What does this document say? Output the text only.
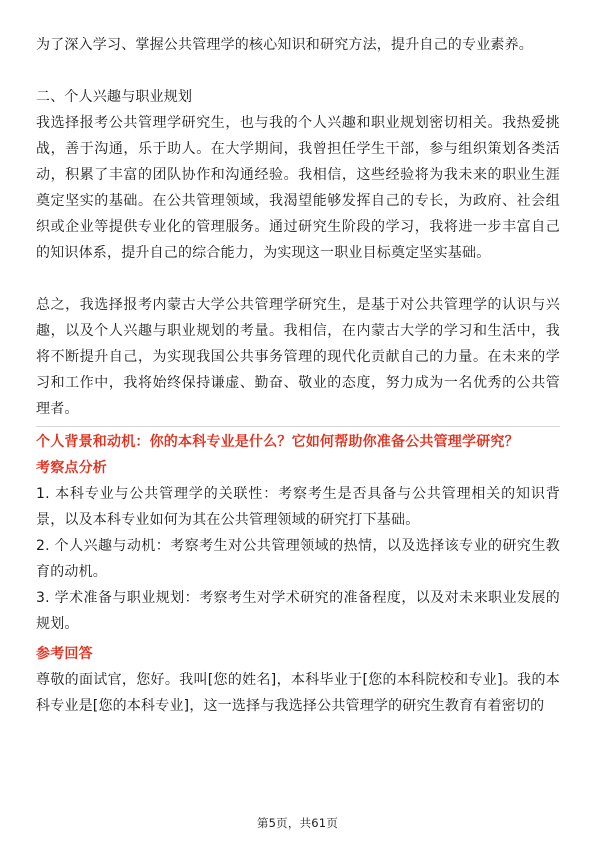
为了深入学习、掌握公共管理学的核心知识和研究方法，提升自己的专业素养。

二、个人兴趣与职业规划

我选择报考公共管理学研究生，也与我的个人兴趣和职业规划密切相关。我热爱挑战，善于沟通，乐于助人。在大学期间，我曾担任学生干部，参与组织策划各类活动，积累了丰富的团队协作和沟通经验。我相信，这些经验将为我未来的职业生涯奠定坚实的基础。在公共管理领域，我渴望能够发挥自己的专长，为政府、社会组织或企业等提供专业化的管理服务。通过研究生阶段的学习，我将进一步丰富自己的知识体系，提升自己的综合能力，为实现这一职业目标奠定坚实基础。

总之，我选择报考内蒙古大学公共管理学研究生，是基于对公共管理学的认识与兴趣，以及个人兴趣与职业规划的考量。我相信，在内蒙古大学的学习和生活中，我将不断提升自己，为实现我国公共事务管理的现代化贡献自己的力量。在未来的学习和工作中，我将始终保持谦虚、勤奋、敬业的态度，努力成为一名优秀的公共管理者。

个人背景和动机：你的本科专业是什么？它如何帮助你准备公共管理学研究？
考察点分析

1. 本科专业与公共管理学的关联性：考察考生是否具备与公共管理相关的知识背景，以及本科专业如何为其在公共管理领域的研究打下基础。

2. 个人兴趣与动机：考察考生对公共管理领域的热情，以及选择该专业的研究生教育的动机。

3. 学术准备与职业规划：考察考生对学术研究的准备程度，以及对未来职业发展的规划。

参考回答

尊敬的面试官，您好。我叫[您的姓名]，本科毕业于[您的本科院校和专业]。我的本科专业是[您的本科专业]，这一选择与我选择公共管理学的研究生教育有着密切的

第5页，共61页
